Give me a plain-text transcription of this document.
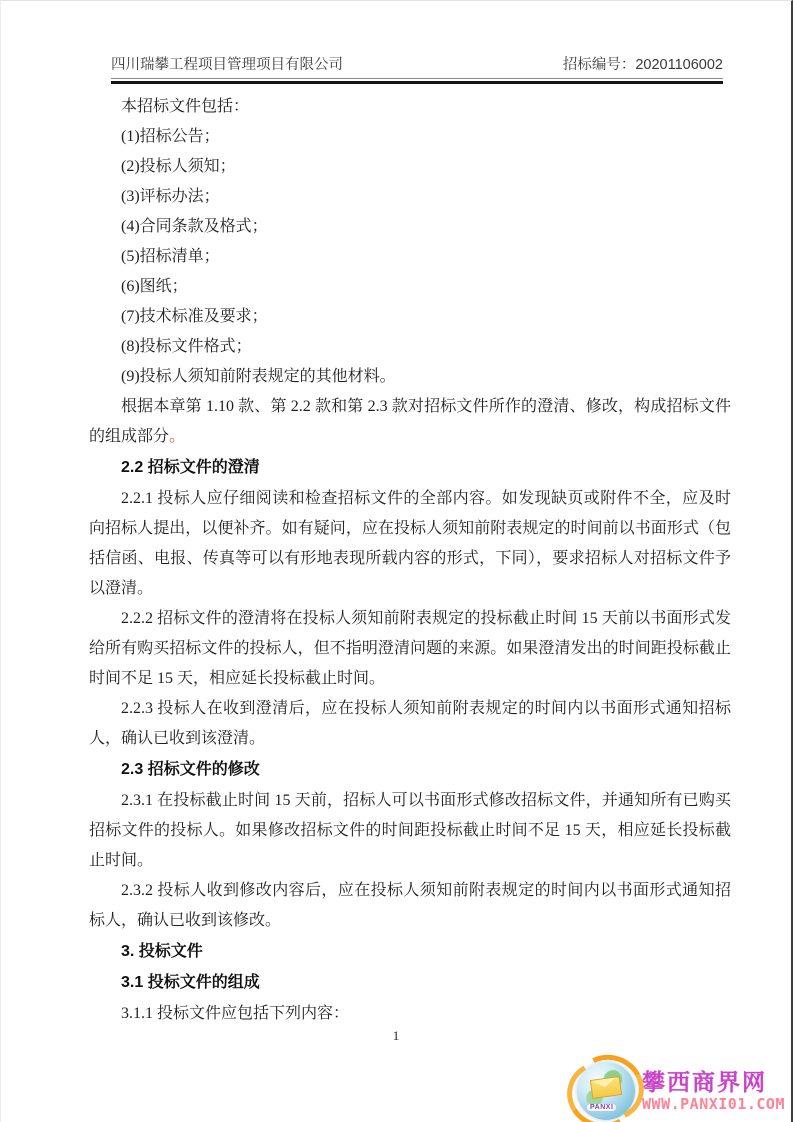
四川瑞攀工程项目管理项目有限公司	招标编号：20201106002

本招标文件包括：

(1)招标公告；

(2)投标人须知；

(3)评标办法；

(4)合同条款及格式；

(5)招标清单；

(6)图纸；

(7)技术标准及要求；

(8)投标文件格式；

(9)投标人须知前附表规定的其他材料。

根据本章第 1.10 款、第 2.2 款和第 2.3 款对招标文件所作的澄清、修改，构成招标文件的组成部分。

2.2 招标文件的澄清

2.2.1 投标人应仔细阅读和检查招标文件的全部内容。如发现缺页或附件不全，应及时向招标人提出，以便补齐。如有疑问，应在投标人须知前附表规定的时间前以书面形式（包括信函、电报、传真等可以有形地表现所载内容的形式，下同），要求招标人对招标文件予以澄清。

2.2.2 招标文件的澄清将在投标人须知前附表规定的投标截止时间 15 天前以书面形式发给所有购买招标文件的投标人，但不指明澄清问题的来源。如果澄清发出的时间距投标截止时间不足 15 天，相应延长投标截止时间。

2.2.3 投标人在收到澄清后，应在投标人须知前附表规定的时间内以书面形式通知招标人，确认已收到该澄清。

2.3 招标文件的修改

2.3.1 在投标截止时间 15 天前，招标人可以书面形式修改招标文件，并通知所有已购买招标文件的投标人。如果修改招标文件的时间距投标截止时间不足 15 天，相应延长投标截止时间。

2.3.2 投标人收到修改内容后，应在投标人须知前附表规定的时间内以书面形式通知招标人，确认已收到该修改。

3. 投标文件
3.1 投标文件的组成

3.1.1 投标文件应包括下列内容：

1
PANXI
攀西商界网
WWW.PANXI01.COM
